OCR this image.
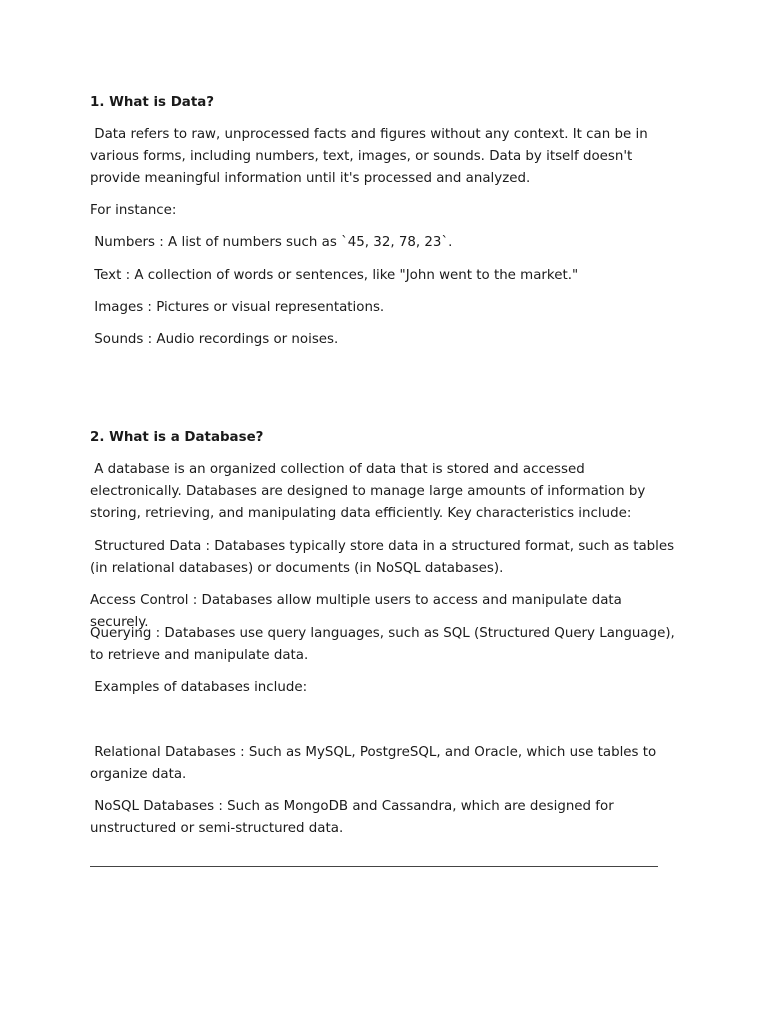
1. What is Data?

Data refers to raw, unprocessed facts and figures without any context. It can be in various forms, including numbers, text, images, or sounds. Data by itself doesn't provide meaningful information until it's processed and analyzed.

For instance:

Numbers : A list of numbers such as `45, 32, 78, 23`.

Text : A collection of words or sentences, like "John went to the market."

Images : Pictures or visual representations.

Sounds : Audio recordings or noises.

2. What is a Database?

A database is an organized collection of data that is stored and accessed electronically. Databases are designed to manage large amounts of information by storing, retrieving, and manipulating data efficiently. Key characteristics include:

Structured Data : Databases typically store data in a structured format, such as tables (in relational databases) or documents (in NoSQL databases).

Access Control : Databases allow multiple users to access and manipulate data securely.

Querying : Databases use query languages, such as SQL (Structured Query Language), to retrieve and manipulate data.

Examples of databases include:

Relational Databases : Such as MySQL, PostgreSQL, and Oracle, which use tables to organize data.

NoSQL Databases : Such as MongoDB and Cassandra, which are designed for unstructured or semi-structured data.
